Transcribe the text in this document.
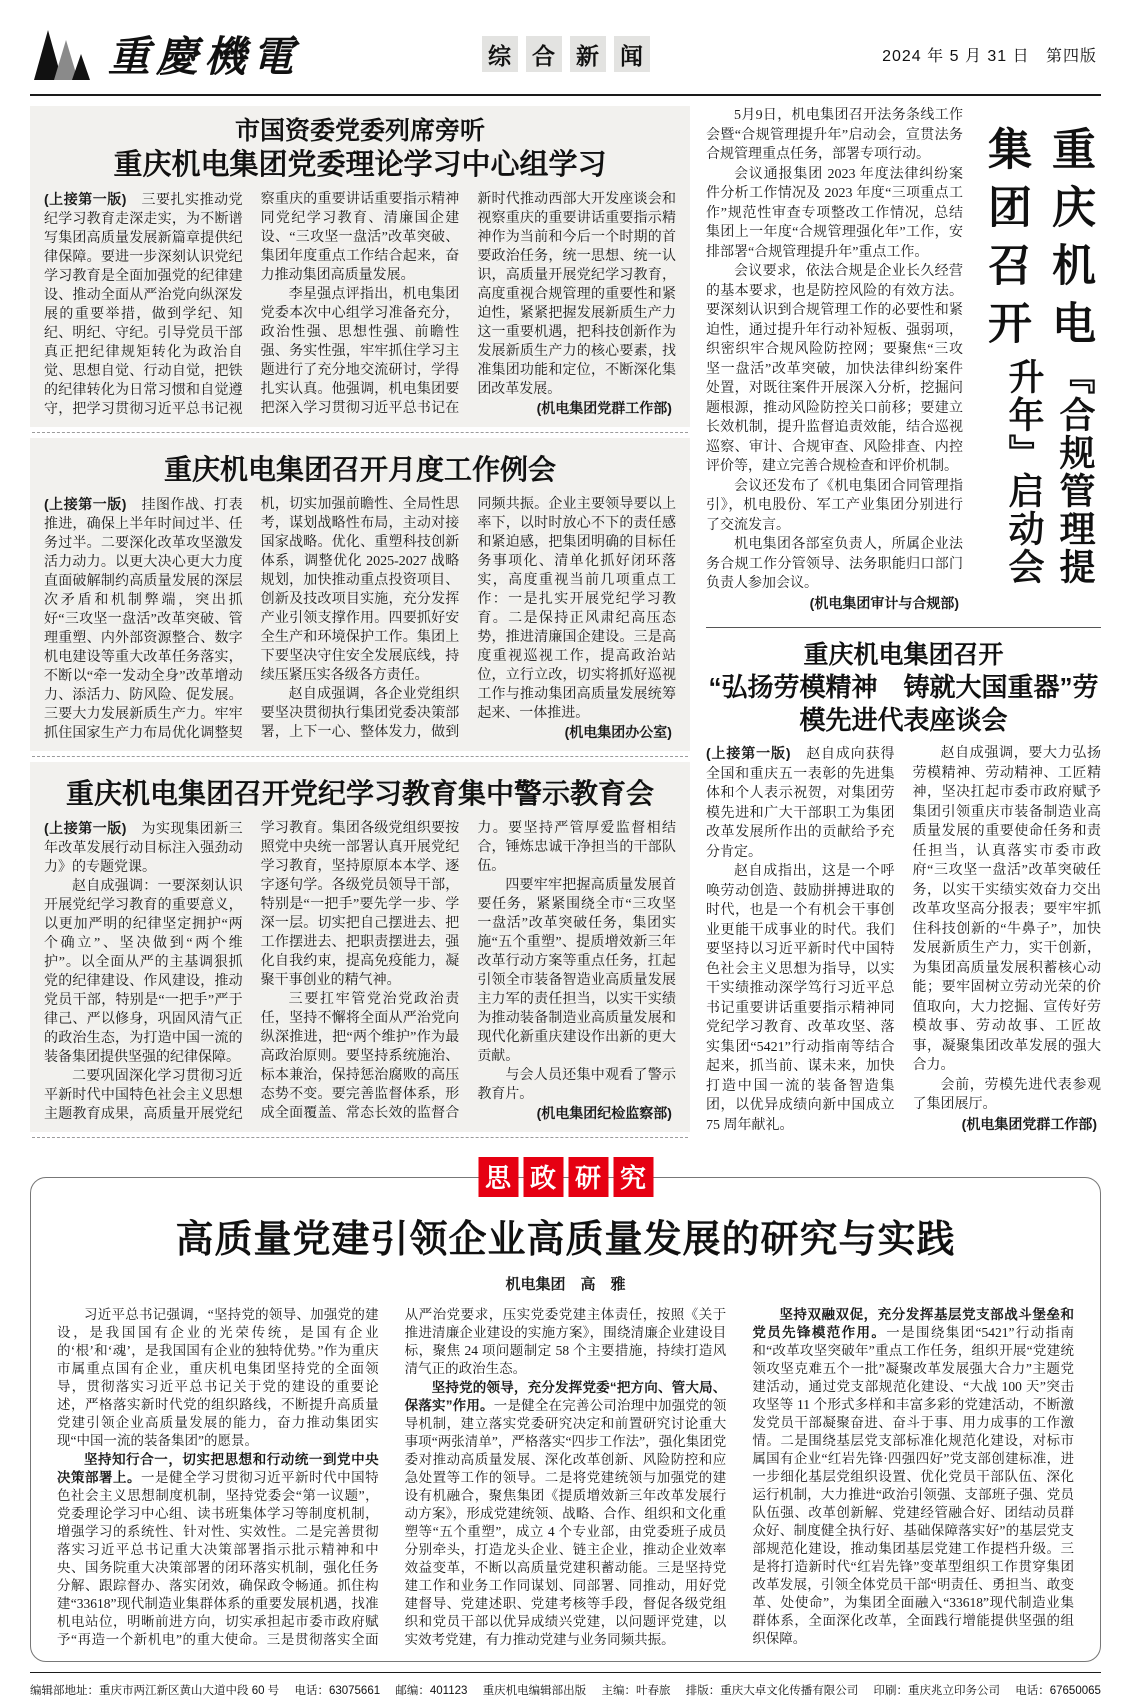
重慶機電	综 合 新 闻	2024 年 5 月 31 日 第四版
市国资委党委列席旁听
重庆机电集团党委理论学习中心组学习

(上接第一版)　 三要扎实推动党纪学习教育走深走实，为不断谱写集团高质量发展新篇章提供纪律保障。要进一步深刻认识党纪学习教育是全面加强党的纪律建设、推动全面从严治党向纵深发展的重要举措，做到学纪、知纪、明纪、守纪。引导党员干部真正把纪律规矩转化为政治自觉、思想自觉、行动自觉，把铁的纪律转化为日常习惯和自觉遵守，把学习贯彻习近平总书记视察重庆的重要讲话重要指示精神同党纪学习教育、清廉国企建设、“三攻坚一盘活”改革突破、集团年度重点工作结合起来，奋力推动集团高质量发展。

李星强点评指出，机电集团党委本次中心组学习准备充分，政治性强、思想性强、前瞻性强、务实性强，牢牢抓住学习主题进行了充分地交流研讨，学得扎实认真。他强调，机电集团要把深入学习贯彻习近平总书记在新时代推动西部大开发座谈会和视察重庆的重要讲话重要指示精神作为当前和今后一个时期的首要政治任务，统一思想、统一认识，高质量开展党纪学习教育，高度重视合规管理的重要性和紧迫性，紧紧把握发展新质生产力这一重要机遇，把科技创新作为发展新质生产力的核心要素，找准集团功能和定位，不断深化集团改革发展。

(机电集团党群工作部)

重庆机电集团召开月度工作例会

(上接第一版)　 挂图作战、打表推进，确保上半年时间过半、任务过半。二要深化改革攻坚激发活力动力。以更大决心更大力度直面破解制约高质量发展的深层次矛盾和机制弊端，突出抓好“三攻坚一盘活”改革突破、管理重塑、内外部资源整合、数字机电建设等重大改革任务落实，不断以“牵一发动全身”改革增动力、添活力、防风险、促发展。三要大力发展新质生产力。牢牢抓住国家生产力布局优化调整契机，切实加强前瞻性、全局性思考，谋划战略性布局，主动对接国家战略。优化、重塑科技创新体系，调整优化 2025-2027 战略规划，加快推动重点投资项目、创新及技改项目实施，充分发挥产业引领支撑作用。四要抓好安全生产和环境保护工作。集团上下要坚决守住安全发展底线，持续压紧压实各级各方责任。

赵自成强调，各企业党组织要坚决贯彻执行集团党委决策部署，上下一心、整体发力，做到同频共振。企业主要领导要以上率下，以时时放心不下的责任感和紧迫感，把集团明确的目标任务事项化、清单化抓好闭环落实，高度重视当前几项重点工作：一是扎实开展党纪学习教育。二是保持正风肃纪高压态势，推进清廉国企建设。三是高度重视巡视工作，提高政治站位，立行立改，切实将抓好巡视工作与推动集团高质量发展统筹起来、一体推进。

(机电集团办公室)

重庆机电集团召开党纪学习教育集中警示教育会

(上接第一版)　 为实现集团新三年改革发展行动目标注入强劲动力》的专题党课。

赵自成强调：一要深刻认识开展党纪学习教育的重要意义，以更加严明的纪律坚定拥护“两个确立”、坚决做到“两个维护”。以全面从严的主基调狠抓党的纪律建设、作风建设，推动党员干部，特别是“一把手”严于律己、严以修身，巩固风清气正的政治生态，为打造中国一流的装备集团提供坚强的纪律保障。

二要巩固深化学习贯彻习近平新时代中国特色社会主义思想主题教育成果，高质量开展党纪学习教育。集团各级党组织要按照党中央统一部署认真开展党纪学习教育，坚持原原本本学、逐字逐句学。各级党员领导干部，特别是“一把手”要先学一步、学深一层。切实把自己摆进去、把工作摆进去、把职责摆进去，强化自我约束，提高免疫能力，凝聚干事创业的精气神。

三要扛牢管党治党政治责任，坚持不懈将全面从严治党向纵深推进，把“两个维护”作为最高政治原则。要坚持系统施治、标本兼治，保持惩治腐败的高压态势不变。要完善监督体系，形成全面覆盖、常态长效的监督合力。要坚持严管厚爱监督相结合，锤炼忠诚干净担当的干部队伍。

四要牢牢把握高质量发展首要任务，紧紧围绕全市“三攻坚一盘活”改革突破任务，集团实施“五个重塑”、提质增效新三年改革行动方案等重点任务，扛起引领全市装备智造业高质量发展主力军的责任担当，以实干实绩为推动装备制造业高质量发展和现代化新重庆建设作出新的更大贡献。

与会人员还集中观看了警示教育片。

(机电集团纪检监察部)

5月9日，机电集团召开法务条线工作会暨“合规管理提升年”启动会，宣贯法务合规管理重点任务，部署专项行动。

会议通报集团 2023 年度法律纠纷案件分析工作情况及 2023 年度“三项重点工作”规范性审查专项整改工作情况，总结集团上一年度“合规管理强化年”工作，安排部署“合规管理提升年”重点工作。

会议要求，依法合规是企业长久经营的基本要求，也是防控风险的有效方法。要深刻认识到合规管理工作的必要性和紧迫性，通过提升年行动补短板、强弱项，织密织牢合规风险防控网；要聚焦“三攻坚一盘活”改革突破，加快法律纠纷案件处置，对既往案件开展深入分析，挖掘问题根源，推动风险防控关口前移；要建立长效机制，提升监督追责效能，结合巡视巡察、审计、合规审查、风险排查、内控评价等，建立完善合规检查和评价机制。

会议还发布了《机电集团合同管理指引》，机电股份、军工产业集团分别进行了交流发言。

机电集团各部室负责人，所属企业法务合规工作分管领导、法务职能归口部门负责人参加会议。

(机电集团审计与合规部)

重庆机电集团召开
『合规管理提升年』启动会
重庆机电集团召开
“弘扬劳模精神　铸就大国重器”劳模先进代表座谈会

(上接第一版)　 赵自成向获得全国和重庆五一表彰的先进集体和个人表示祝贺，对集团劳模先进和广大干部职工为集团改革发展所作出的贡献给予充分肯定。

赵自成指出，这是一个呼唤劳动创造、鼓励拼搏进取的时代，也是一个有机会干事创业更能干成事业的时代。我们要坚持以习近平新时代中国特色社会主义思想为指导，以实干实绩推动深学笃行习近平总书记重要讲话重要指示精神同党纪学习教育、改革攻坚、落实集团“5421”行动指南等结合起来，抓当前、谋未来，加快打造中国一流的装备智造集团，以优异成绩向新中国成立 75 周年献礼。

赵自成强调，要大力弘扬劳模精神、劳动精神、工匠精神，坚决扛起市委市政府赋予集团引领重庆市装备制造业高质量发展的重要使命任务和责任担当，认真落实市委市政府“三攻坚一盘活”改革突破任务，以实干实绩实效奋力交出改革攻坚高分报表；要牢牢抓住科技创新的“牛鼻子”，加快发展新质生产力，实干创新，为集团高质量发展积蓄核心动能；要牢固树立劳动光荣的价值取向，大力挖掘、宣传好劳模故事、劳动故事、工匠故事，凝聚集团改革发展的强大合力。

会前，劳模先进代表参观了集团展厅。

(机电集团党群工作部)

思 政 研 究
高质量党建引领企业高质量发展的研究与实践
机电集团　高　雅

习近平总书记强调，“坚持党的领导、加强党的建设，是我国国有企业的光荣传统，是国有企业的‘根’和‘魂’，是我国国有企业的独特优势。”作为重庆市属重点国有企业，重庆机电集团坚持党的全面领导，贯彻落实习近平总书记关于党的建设的重要论述，严格落实新时代党的组织路线，不断提升高质量党建引领企业高质量发展的能力，奋力推动集团实现“中国一流的装备集团”的愿景。

坚持知行合一，切实把思想和行动统一到党中央决策部署上。一是健全学习贯彻习近平新时代中国特色社会主义思想制度机制，坚持党委会“第一议题”，党委理论学习中心组、读书班集体学习等制度机制，增强学习的系统性、针对性、实效性。二是完善贯彻落实习近平总书记重大决策部署指示批示精神和中央、国务院重大决策部署的闭环落实机制，强化任务分解、跟踪督办、落实闭效，确保政令畅通。抓住构建“33618”现代制造业集群体系的重要发展机遇，找准机电站位，明晰前进方向，切实承担起市委市政府赋予“再造一个新机电”的重大使命。三是贯彻落实全面从严治党要求，压实党委党建主体责任，按照《关于推进清廉企业建设的实施方案》，围绕清廉企业建设目标，聚焦 24 项问题制定 58 个主要措施，持续打造风清气正的政治生态。

坚持党的领导，充分发挥党委“把方向、管大局、保落实”作用。一是健全在完善公司治理中加强党的领导机制，建立落实党委研究决定和前置研究讨论重大事项“两张清单”，严格落实“四步工作法”，强化集团党委对推动高质量发展、深化改革创新、风险防控和应急处置等工作的领导。二是将党建统领与加强党的建设有机融合，聚焦集团《提质增效新三年改革发展行动方案》，形成党建统领、战略、合作、组织和文化重塑等“五个重塑”，成立 4 个专业部，由党委班子成员分别牵头，打造龙头企业、链主企业，推动企业效率效益变革，不断以高质量党建积蓄动能。三是坚持党建工作和业务工作同谋划、同部署、同推动，用好党建督导、党建述职、党建考核等手段，督促各级党组织和党员干部以优异成绩兴党建，以问题评党建，以实效考党建，有力推动党建与业务同频共振。

坚持双融双促，充分发挥基层党支部战斗堡垒和党员先锋模范作用。一是围绕集团“5421”行动指南和“改革攻坚突破年”重点工作任务，组织开展“党建统领攻坚克难五个一批”凝聚改革发展强大合力”主题党建活动，通过党支部规范化建设、“大战 100 天”突击攻坚等 11 个形式多样和丰富多彩的党建活动，不断激发党员干部凝聚奋进、奋斗于事、用力成事的工作激情。二是围绕基层党支部标准化规范化建设，对标市属国有企业“红岩先锋·四强四好”党支部创建标准，进一步细化基层党组织设置、优化党员干部队伍、深化运行机制，大力推进“政治引领强、支部班子强、党员队伍强、改革创新解、党建经管融合好、团结动员群众好、制度健全执行好、基础保障落实好”的基层党支部规范化建设，推动集团基层党建工作提档升级。三是将打造新时代“红岩先锋”变革型组织工作贯穿集团改革发展，引领全体党员干部“明责任、勇担当、敢变革、处使命”，为集团全面融入“33618”现代制造业集群体系，全面深化改革，全面践行增能提供坚强的组织保障。

编辑部地址：重庆市两江新区黄山大道中段 60 号 电话：63075661 邮编：401123 重庆机电编辑部出版 主编：叶春旅 排版：重庆大卓文化传播有限公司 印刷：重庆兆立印务公司 电话：67650065
